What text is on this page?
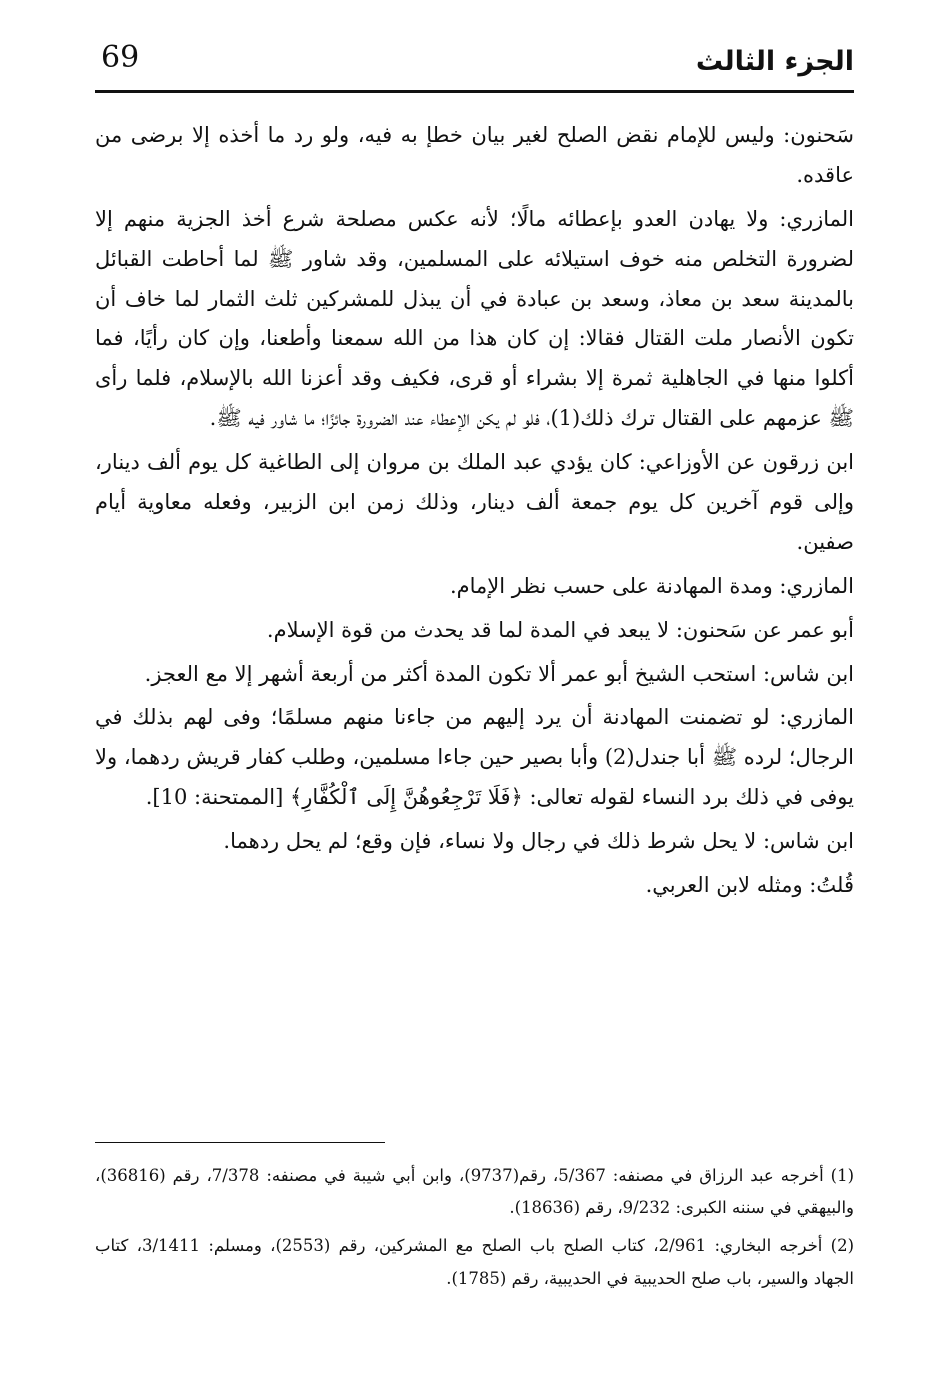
69	الجزء الثالث

سَحنون: وليس للإمام نقض الصلح لغير بيان خطإ به فيه، ولو رد ما أخذه إلا برضى من عاقده.

المازري: ولا يهادن العدو بإعطائه مالًا؛ لأنه عكس مصلحة شرع أخذ الجزية منهم إلا لضرورة التخلص منه خوف استيلائه على المسلمين، وقد شاور ﷺ لما أحاطت القبائل بالمدينة سعد بن معاذ، وسعد بن عبادة في أن يبذل للمشركين ثلث الثمار لما خاف أن تكون الأنصار ملت القتال فقالا: إن كان هذا من الله سمعنا وأطعنا، وإن كان رأيًا، فما أكلوا منها في الجاهلية ثمرة إلا بشراء أو قرى، فكيف وقد أعزنا الله بالإسلام، فلما رأى ﷺ عزمهم على القتال ترك ذلك(1)، فلو لم يكن الإعطاء عند الضرورة جائزًا؛ ما شاور فيه ﷺ.

ابن زرقون عن الأوزاعي: كان يؤدي عبد الملك بن مروان إلى الطاغية كل يوم ألف دينار، وإلى قوم آخرين كل يوم جمعة ألف دينار، وذلك زمن ابن الزبير، وفعله معاوية أيام صفين.

المازري: ومدة المهادنة على حسب نظر الإمام.

أبو عمر عن سَحنون: لا يبعد في المدة لما قد يحدث من قوة الإسلام.

ابن شاس: استحب الشيخ أبو عمر ألا تكون المدة أكثر من أربعة أشهر إلا مع العجز.

المازري: لو تضمنت المهادنة أن يرد إليهم من جاءنا منهم مسلمًا؛ وفى لهم بذلك في الرجال؛ لرده ﷺ أبا جندل(2) وأبا بصير حين جاءا مسلمين، وطلب كفار قريش ردهما، ولا يوفى في ذلك برد النساء لقوله تعالى: ﴿فَلَا تَرْجِعُوهُنَّ إِلَى ٱلْكُفَّارِ﴾ [الممتحنة: 10].

ابن شاس: لا يحل شرط ذلك في رجال ولا نساء، فإن وقع؛ لم يحل ردهما.

قُلتُ: ومثله لابن العربي.

(1) أخرجه عبد الرزاق في مصنفه: 5/367، رقم(9737)، وابن أبي شيبة في مصنفه: 7/378، رقم (36816)، والبيهقي في سننه الكبرى: 9/232، رقم (18636).

(2) أخرجه البخاري: 2/961، كتاب الصلح باب الصلح مع المشركين، رقم (2553)، ومسلم: 3/1411، كتاب الجهاد والسير، باب صلح الحديبية في الحديبية، رقم (1785).
